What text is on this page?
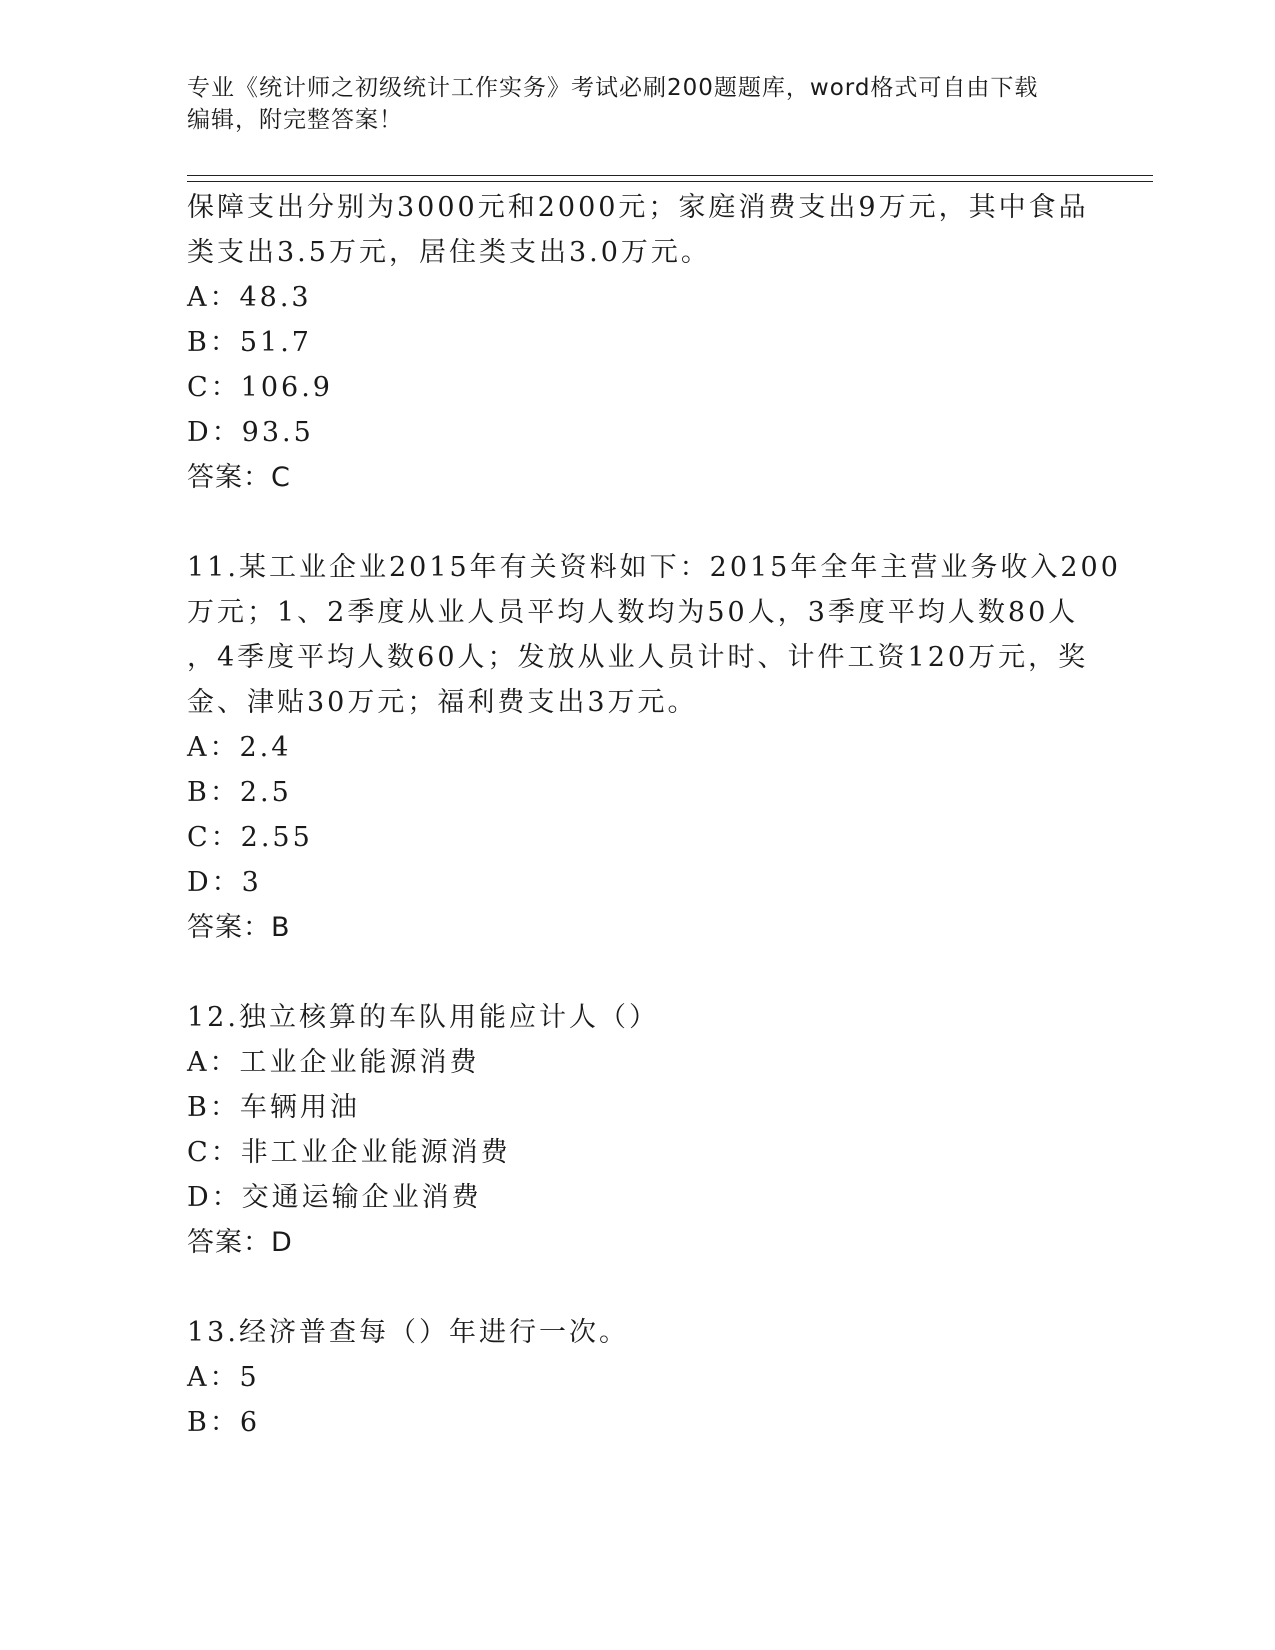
专业《统计师之初级统计工作实务》考试必刷200题题库，word格式可自由下载
编辑，附完整答案！
保障支出分别为3000元和2000元；家庭消费支出9万元，其中食品
类支出3.5万元，居住类支出3.0万元。
A：48.3
B：51.7
C：106.9
D：93.5
答案：C
11.某工业企业2015年有关资料如下：2015年全年主营业务收入200
万元；1、2季度从业人员平均人数均为50人，3季度平均人数80人
，4季度平均人数60人；发放从业人员计时、计件工资120万元，奖
金、津贴30万元；福利费支出3万元。
A：2.4
B：2.5
C：2.55
D：3
答案：B
12.独立核算的车队用能应计人（）
A：工业企业能源消费
B：车辆用油
C：非工业企业能源消费
D：交通运输企业消费
答案：D
13.经济普查每（）年进行一次。
A：5
B：6
